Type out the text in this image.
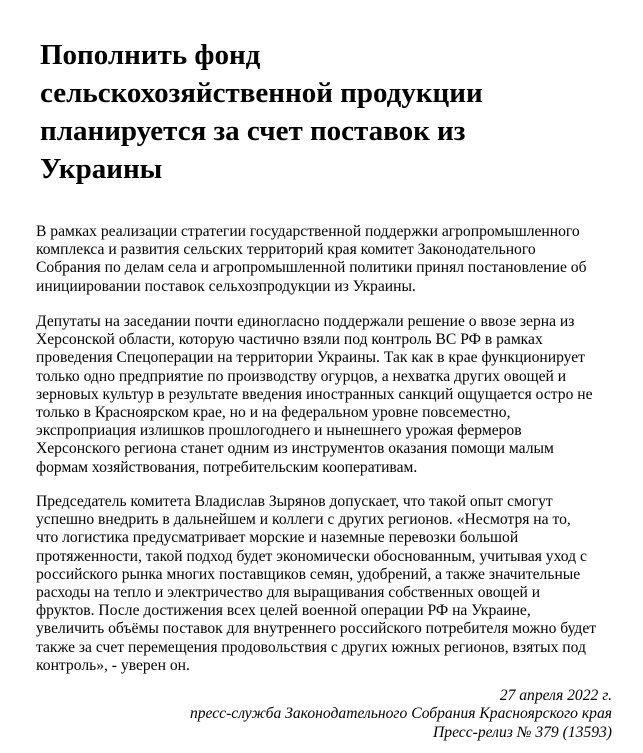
Пополнить фонд
сельскохозяйственной продукции
планируется за счет поставок из
Украины

В рамках реализации стратегии государственной поддержки агропромышленного
комплекса и развития сельских территорий края комитет Законодательного
Собрания по делам села и агропромышленной политики принял постановление об
инициировании поставок сельхозпродукции из Украины.

Депутаты на заседании почти единогласно поддержали решение о ввозе зерна из
Херсонской области, которую частично взяли под контроль ВС РФ в рамках
проведения Спецоперации на территории Украины. Так как в крае функционирует
только одно предприятие по производству огурцов, а нехватка других овощей и
зерновых культур в результате введения иностранных санкций ощущается остро не
только в Красноярском крае, но и на федеральном уровне повсеместно,
экспроприация излишков прошлогоднего и нынешнего урожая фермеров
Херсонского региона станет одним из инструментов оказания помощи малым
формам хозяйствования, потребительским кооперативам.

Председатель комитета Владислав Зырянов допускает, что такой опыт смогут
успешно внедрить в дальнейшем и коллеги с других регионов. «Несмотря на то,
что логистика предусматривает морские и наземные перевозки большой
протяженности, такой подход будет экономически обоснованным, учитывая уход с
российского рынка многих поставщиков семян, удобрений, а также значительные
расходы на тепло и электричество для выращивания собственных овощей и
фруктов. После достижения всех целей военной операции РФ на Украине,
увеличить объёмы поставок для внутреннего российского потребителя можно будет
также за счет перемещения продовольствия с других южных регионов, взятых под
контроль», - уверен он.

27 апреля 2022 г.
пресс-служба Законодательного Собрания Красноярского края
Пресс-релиз № 379 (13593)
